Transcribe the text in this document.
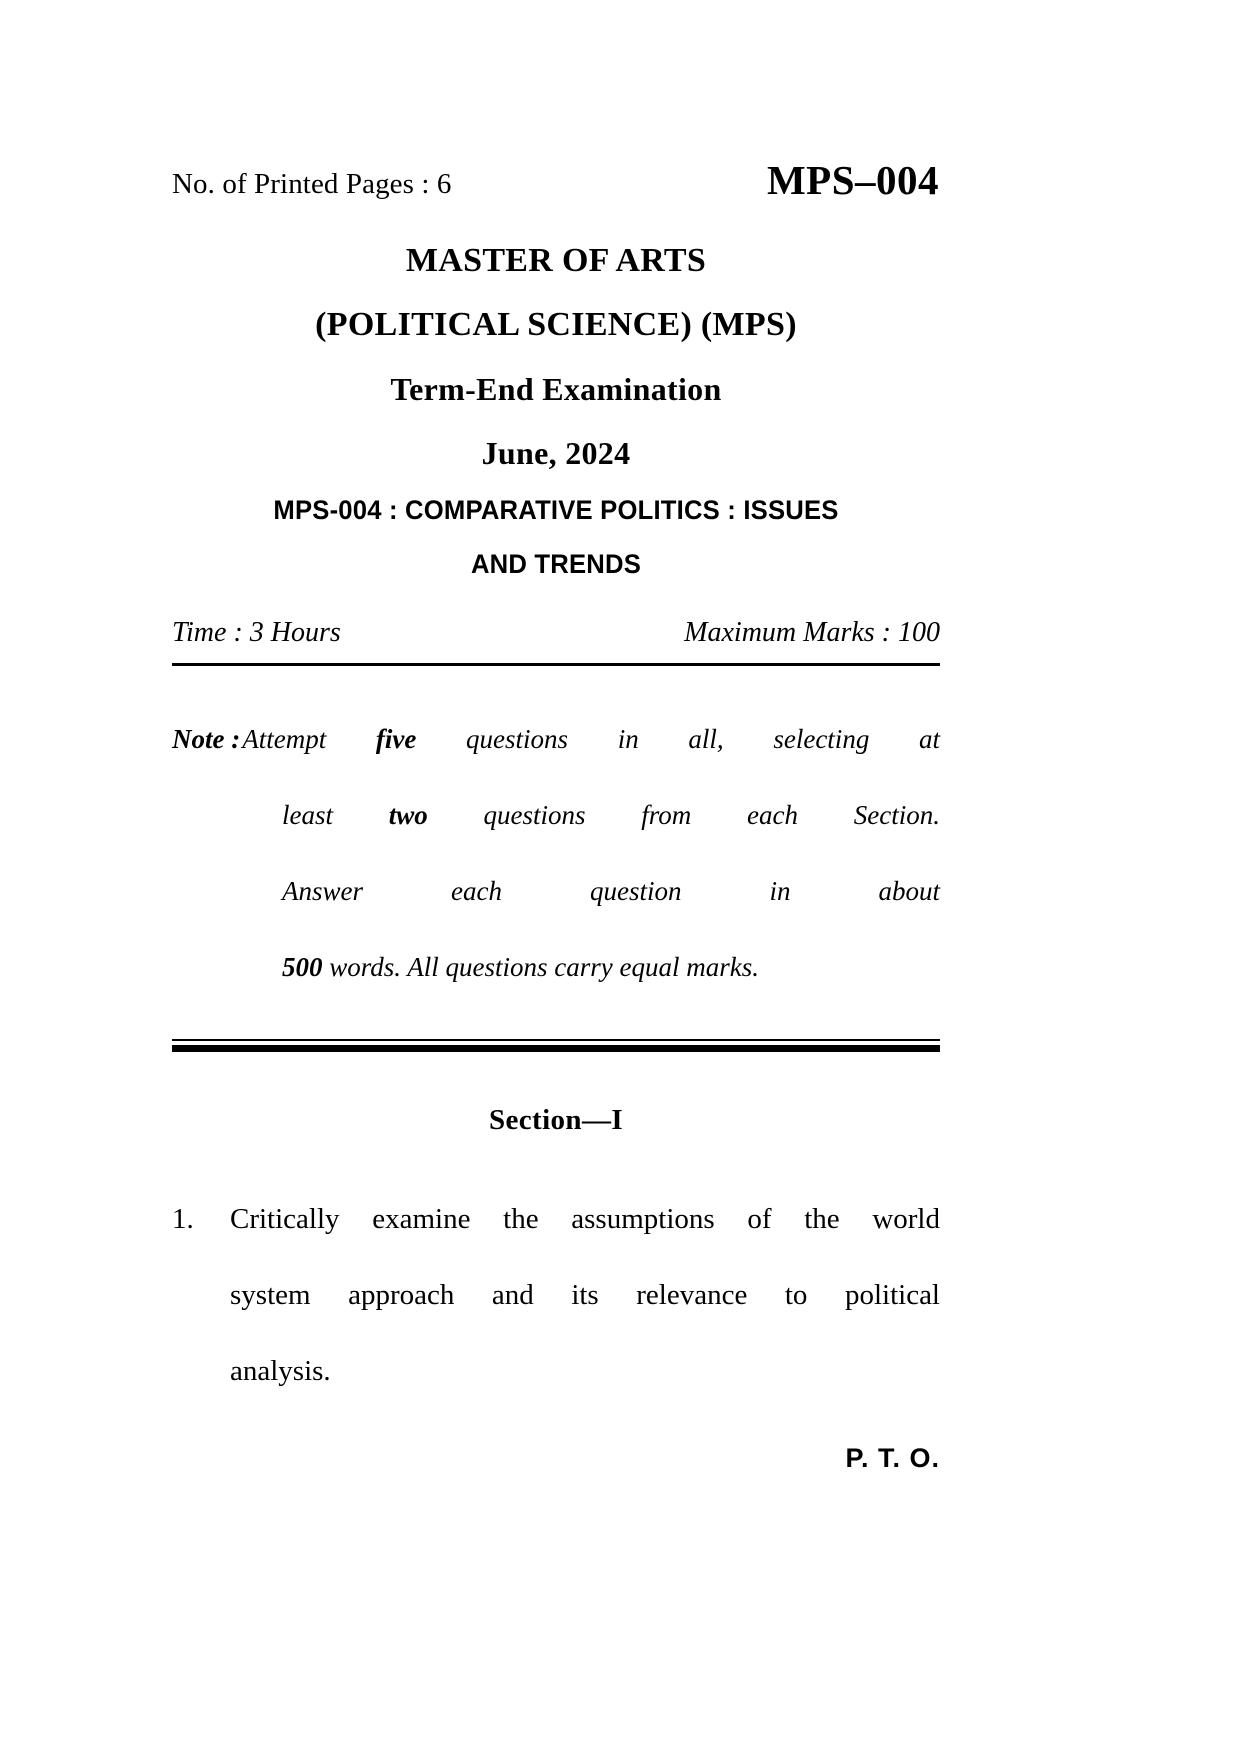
No. of Printed Pages : 6	MPS–004
MASTER OF ARTS
(POLITICAL SCIENCE) (MPS)
Term-End Examination
June, 2024
MPS-004 : COMPARATIVE POLITICS : ISSUES
AND TRENDS
Time : 3 Hours	Maximum Marks : 100
Note : Attempt five questions in all, selecting at
least two questions from each Section.
Answer each question in about
500 words. All questions carry equal marks.
Section—I
1.	Critically examine the assumptions of the world
system approach and its relevance to political
analysis.
P. T. O.
